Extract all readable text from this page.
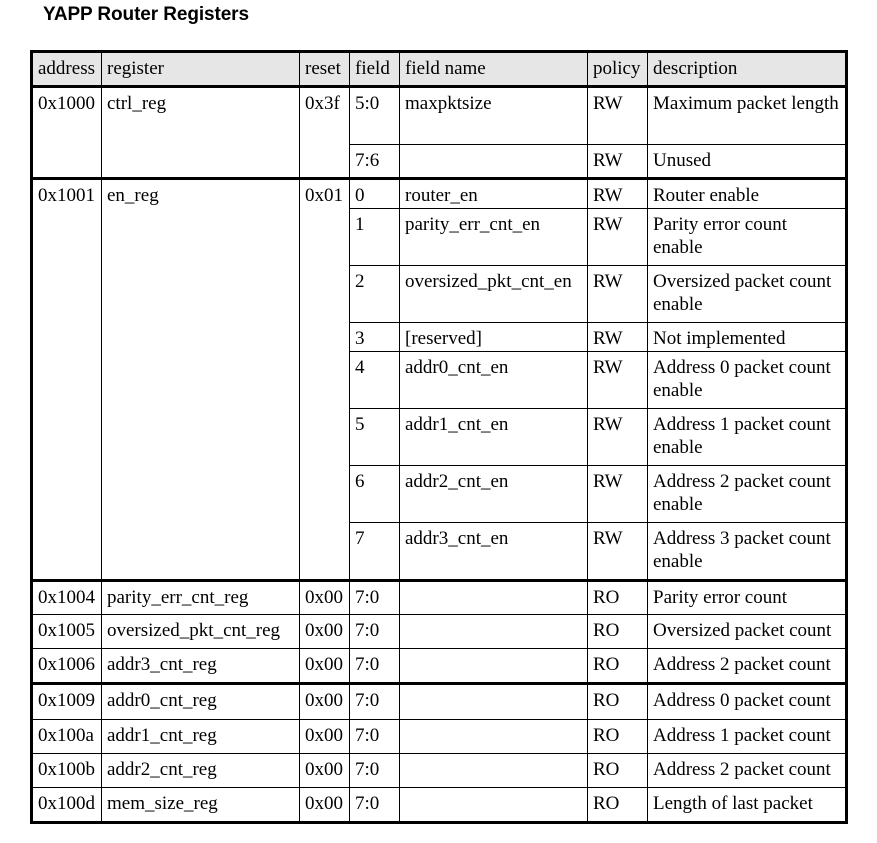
YAPP Router Registers
address	register	reset	field	field name	policy	description
0x1000	ctrl_reg	0x3f	5:0	maxpktsize	RW	Maximum packet length
			7:6		RW	Unused
0x1001	en_reg	0x01	0	router_en	RW	Router enable
			1	parity_err_cnt_en	RW	Parity error count enable
			2	oversized_pkt_cnt_en	RW	Oversized packet count enable
			3	[reserved]	RW	Not implemented
			4	addr0_cnt_en	RW	Address 0 packet count enable
			5	addr1_cnt_en	RW	Address 1 packet count enable
			6	addr2_cnt_en	RW	Address 2 packet count enable
			7	addr3_cnt_en	RW	Address 3 packet count enable
0x1004	parity_err_cnt_reg	0x00	7:0		RO	Parity error count
0x1005	oversized_pkt_cnt_reg	0x00	7:0		RO	Oversized packet count
0x1006	addr3_cnt_reg	0x00	7:0		RO	Address 2 packet count
0x1009	addr0_cnt_reg	0x00	7:0		RO	Address 0 packet count
0x100a	addr1_cnt_reg	0x00	7:0		RO	Address 1 packet count
0x100b	addr2_cnt_reg	0x00	7:0		RO	Address 2 packet count
0x100d	mem_size_reg	0x00	7:0		RO	Length of last packet
